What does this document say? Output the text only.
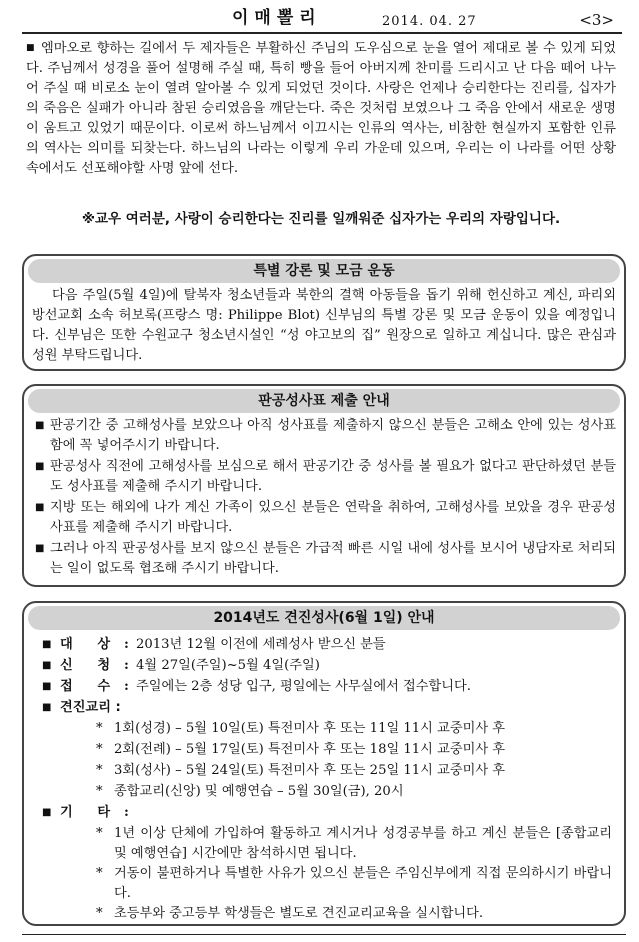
이매뽈리	2014. 04. 27	<3>
■ 엠마오로 향하는 길에서 두 제자들은 부활하신 주님의 도우심으로 눈을 열어 제대로 볼 수 있게 되었다. 주님께서 성경을 풀어 설명해 주실 때, 특히 빵을 들어 아버지께 찬미를 드리시고 난 다음 떼어 나누어 주실 때 비로소 눈이 열려 알아볼 수 있게 되었던 것이다. 사랑은 언제나 승리한다는 진리를, 십자가의 죽음은 실패가 아니라 참된 승리였음을 깨닫는다. 죽은 것처럼 보였으나 그 죽음 안에서 새로운 생명이 움트고 있었기 때문이다. 이로써 하느님께서 이끄시는 인류의 역사는, 비참한 현실까지 포함한 인류의 역사는 의미를 되찾는다. 하느님의 나라는 이렇게 우리 가운데 있으며, 우리는 이 나라를 어떤 상황 속에서도 선포해야할 사명 앞에 선다.
※교우 여러분, 사랑이 승리한다는 진리를 일깨워준 십자가는 우리의 자랑입니다.
특별 강론 및 모금 운동

다음 주일(5월 4일)에 탈북자 청소년들과 북한의 결핵 아동들을 돕기 위해 헌신하고 계신, 파리외방선교회 소속 허보록(프랑스 명: Philippe Blot) 신부님의 특별 강론 및 모금 운동이 있을 예정입니다. 신부님은 또한 수원교구 청소년시설인 “성 야고보의 집” 원장으로 일하고 계십니다. 많은 관심과 성원 부탁드립니다.

판공성사표 제출 안내
■ 판공기간 중 고해성사를 보았으나 아직 성사표를 제출하지 않으신 분들은 고해소 안에 있는 성사표함에 꼭 넣어주시기 바랍니다.
■ 판공성사 직전에 고해성사를 보심으로 해서 판공기간 중 성사를 볼 필요가 없다고 판단하셨던 분들도 성사표를 제출해 주시기 바랍니다.
■ 지방 또는 해외에 나가 계신 가족이 있으신 분들은 연락을 취하여, 고해성사를 보았을 경우 판공성사표를 제출해 주시기 바랍니다.
■ 그러나 아직 판공성사를 보지 않으신 분들은 가급적 빠른 시일 내에 성사를 보시어 냉담자로 처리되는 일이 없도록 협조해 주시기 바랍니다.
2014년도 견진성사(6월 1일) 안내
■ 대 상 : 2013년 12월 이전에 세례성사 받으신 분들
■ 신 청 : 4월 27일(주일)~5월 4일(주일)
■ 접 수 : 주일에는 2층 성당 입구, 평일에는 사무실에서 접수합니다.
■ 견진교리 :
* 1회(성경) – 5월 10일(토) 특전미사 후 또는 11일 11시 교중미사 후
* 2회(전례) – 5월 17일(토) 특전미사 후 또는 18일 11시 교중미사 후
* 3회(성사) – 5월 24일(토) 특전미사 후 또는 25일 11시 교중미사 후
* 종합교리(신앙) 및 예행연습 – 5월 30일(금), 20시
■ 기 타 :
* 1년 이상 단체에 가입하여 활동하고 계시거나 성경공부를 하고 계신 분들은 [종합교리 및 예행연습] 시간에만 참석하시면 됩니다.
* 거동이 불편하거나 특별한 사유가 있으신 분들은 주임신부에게 직접 문의하시기 바랍니다.
* 초등부와 중고등부 학생들은 별도로 견진교리교육을 실시합니다.
